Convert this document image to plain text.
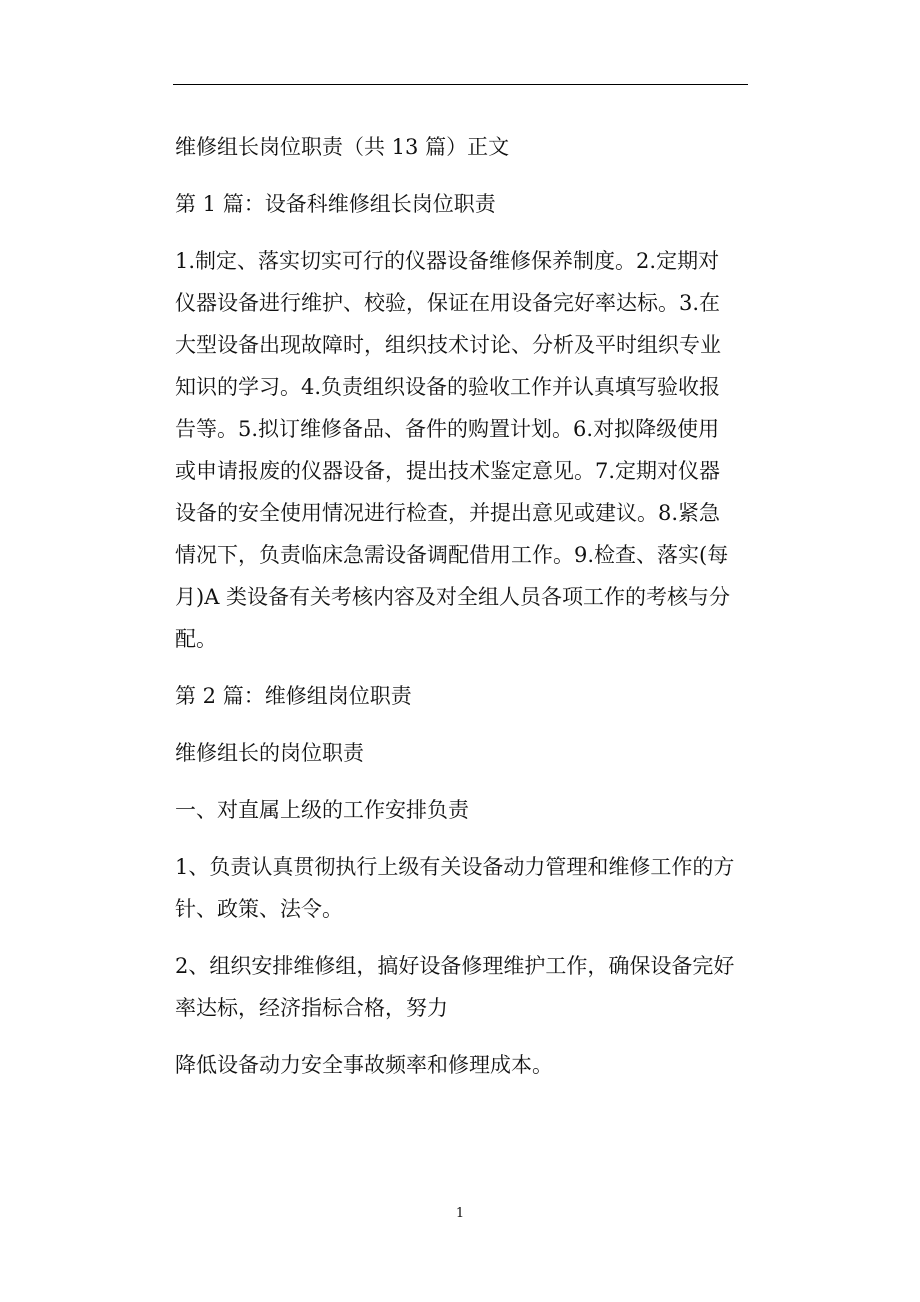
维修组长岗位职责（共 13 篇）正文

第 1 篇：设备科维修组长岗位职责

1.制定、落实切实可行的仪器设备维修保养制度。2.定期对

仪器设备进行维护、校验，保证在用设备完好率达标。3.在

大型设备出现故障时，组织技术讨论、分析及平时组织专业

知识的学习。4.负责组织设备的验收工作并认真填写验收报

告等。5.拟订维修备品、备件的购置计划。6.对拟降级使用

或申请报废的仪器设备，提出技术鉴定意见。7.定期对仪器

设备的安全使用情况进行检查，并提出意见或建议。8.紧急

情况下，负责临床急需设备调配借用工作。9.检查、落实(每

月)A 类设备有关考核内容及对全组人员各项工作的考核与分

配。

第 2 篇：维修组岗位职责

维修组长的岗位职责

一、对直属上级的工作安排负责

1、负责认真贯彻执行上级有关设备动力管理和维修工作的方

针、政策、法令。

2、组织安排维修组，搞好设备修理维护工作，确保设备完好

率达标，经济指标合格，努力

降低设备动力安全事故频率和修理成本。

1
